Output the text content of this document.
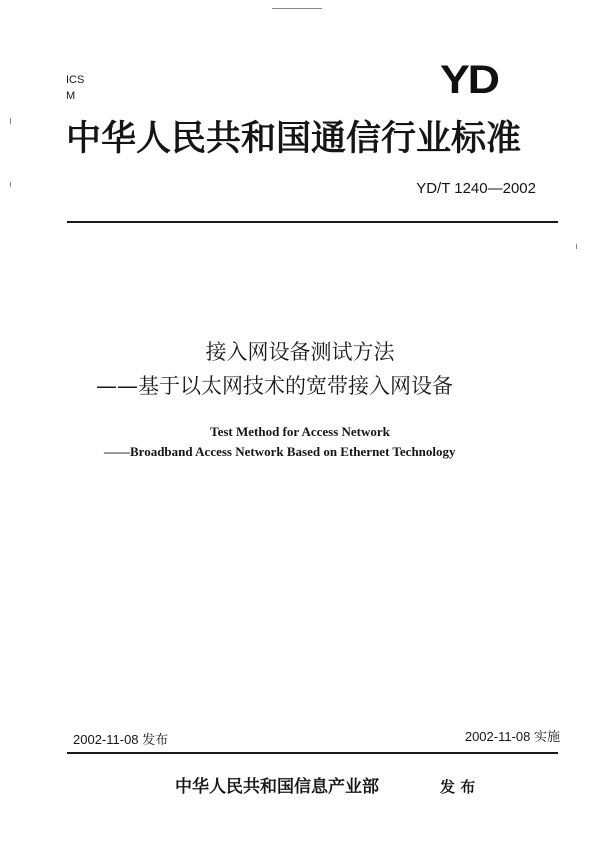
ICS
M	YD
中华人民共和国通信行业标准
YD/T 1240—2002
接入网设备测试方法
——基于以太网技术的宽带接入网设备
Test Method for Access Network
——Broadband Access Network Based on Ethernet Technology
2002-11-08 发布	2002-11-08 实施
中华人民共和国信息产业部	发 布
